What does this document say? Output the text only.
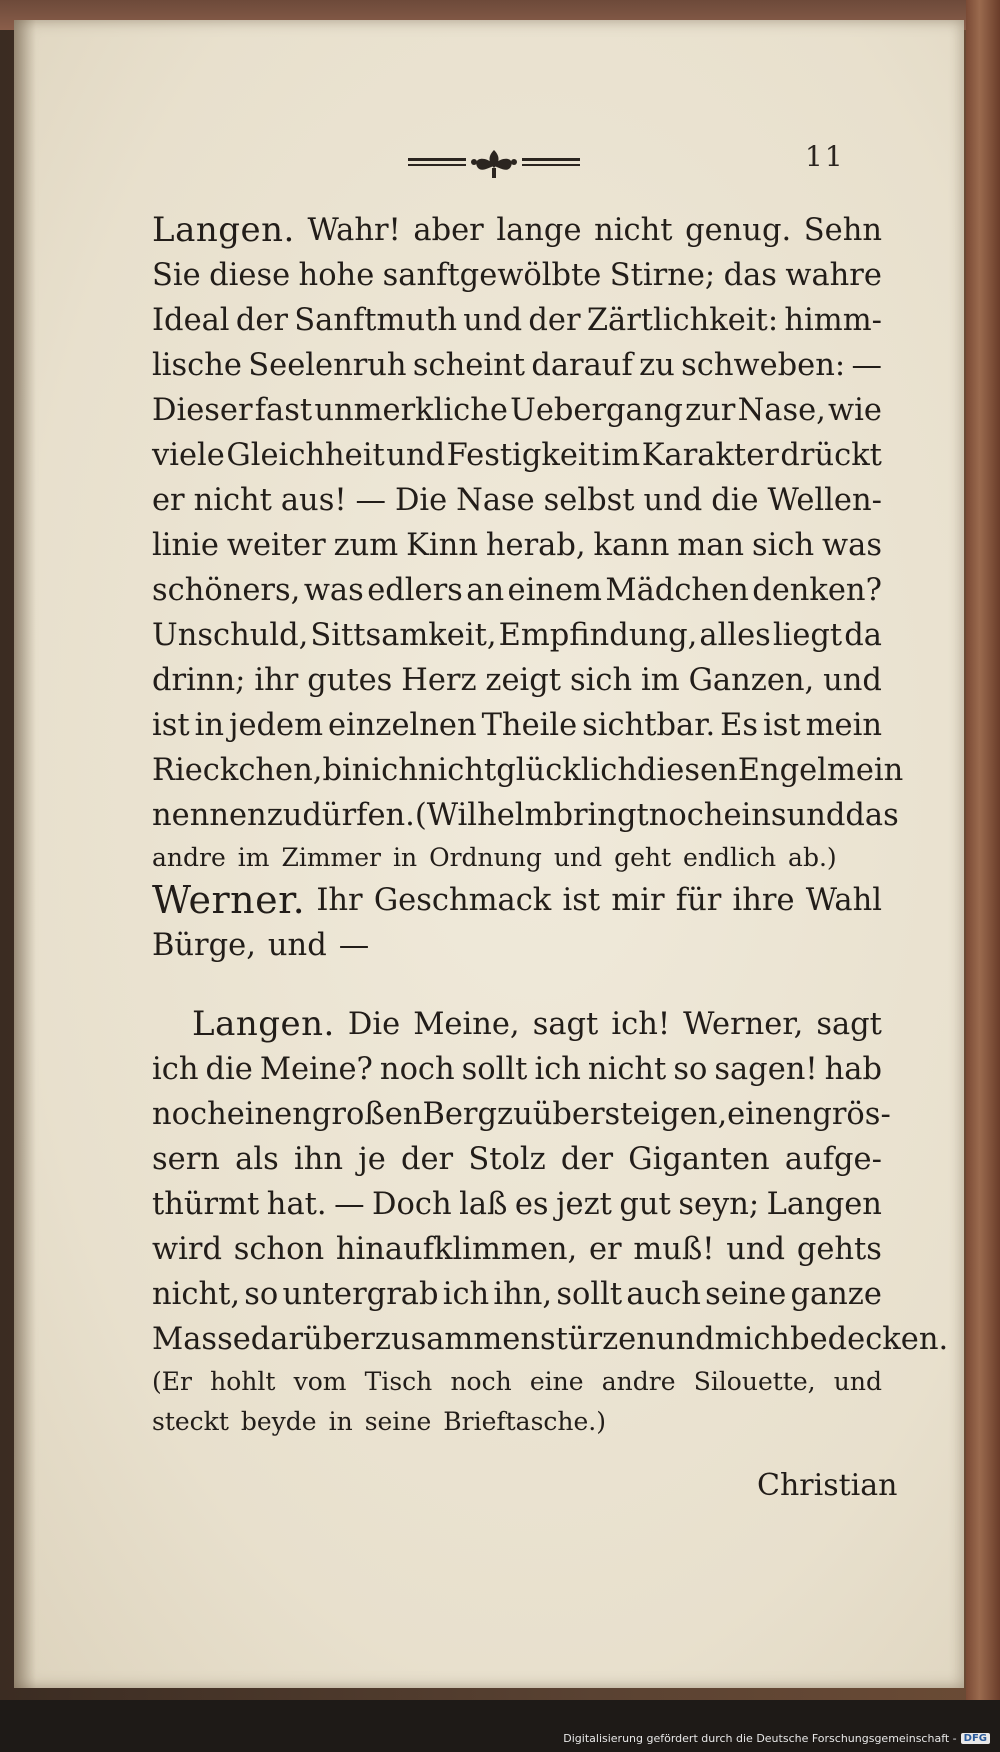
11
Langen. Wahr! aber lange nicht genug. Sehn
Sie diese hohe sanftgewölbte Stirne; das wahre
Ideal der Sanftmuth und der Zärtlichkeit: himm-
lische Seelenruh scheint darauf zu schweben: —
Dieser fast unmerkliche Uebergang zur Nase, wie
viele Gleichheit und Festigkeit im Karakter drückt
er nicht aus! — Die Nase selbst und die Wellen-
linie weiter zum Kinn herab, kann man sich was
schöners, was edlers an einem Mädchen denken?
Unschuld, Sittsamkeit, Empfindung, alles liegt da
drinn; ihr gutes Herz zeigt sich im Ganzen, und
ist in jedem einzelnen Theile sichtbar. Es ist mein
Rieckchen, bin ich nicht glücklich diesen Engel mein
nennen zu dürfen. (Wilhelm bringt noch eins und das
andre im Zimmer in Ordnung und geht endlich ab.)
Werner. Ihr Geschmack ist mir für ihre Wahl
Bürge, und —
Langen. Die Meine, sagt ich! Werner, sagt
ich die Meine? noch sollt ich nicht so sagen! hab
noch einen großen Berg zu übersteigen, einen grös-
sern als ihn je der Stolz der Giganten aufge-
thürmt hat. — Doch laß es jezt gut seyn; Langen
wird schon hinaufklimmen, er muß! und gehts
nicht, so untergrab ich ihn, sollt auch seine ganze
Masse darüber zusammenstürzen und mich bedecken.
(Er hohlt vom Tisch noch eine andre Silouette, und
steckt beyde in seine Brieftasche.)
Christian
Digitalisierung gefördert durch die Deutsche Forschungsgemeinschaft - DFG
